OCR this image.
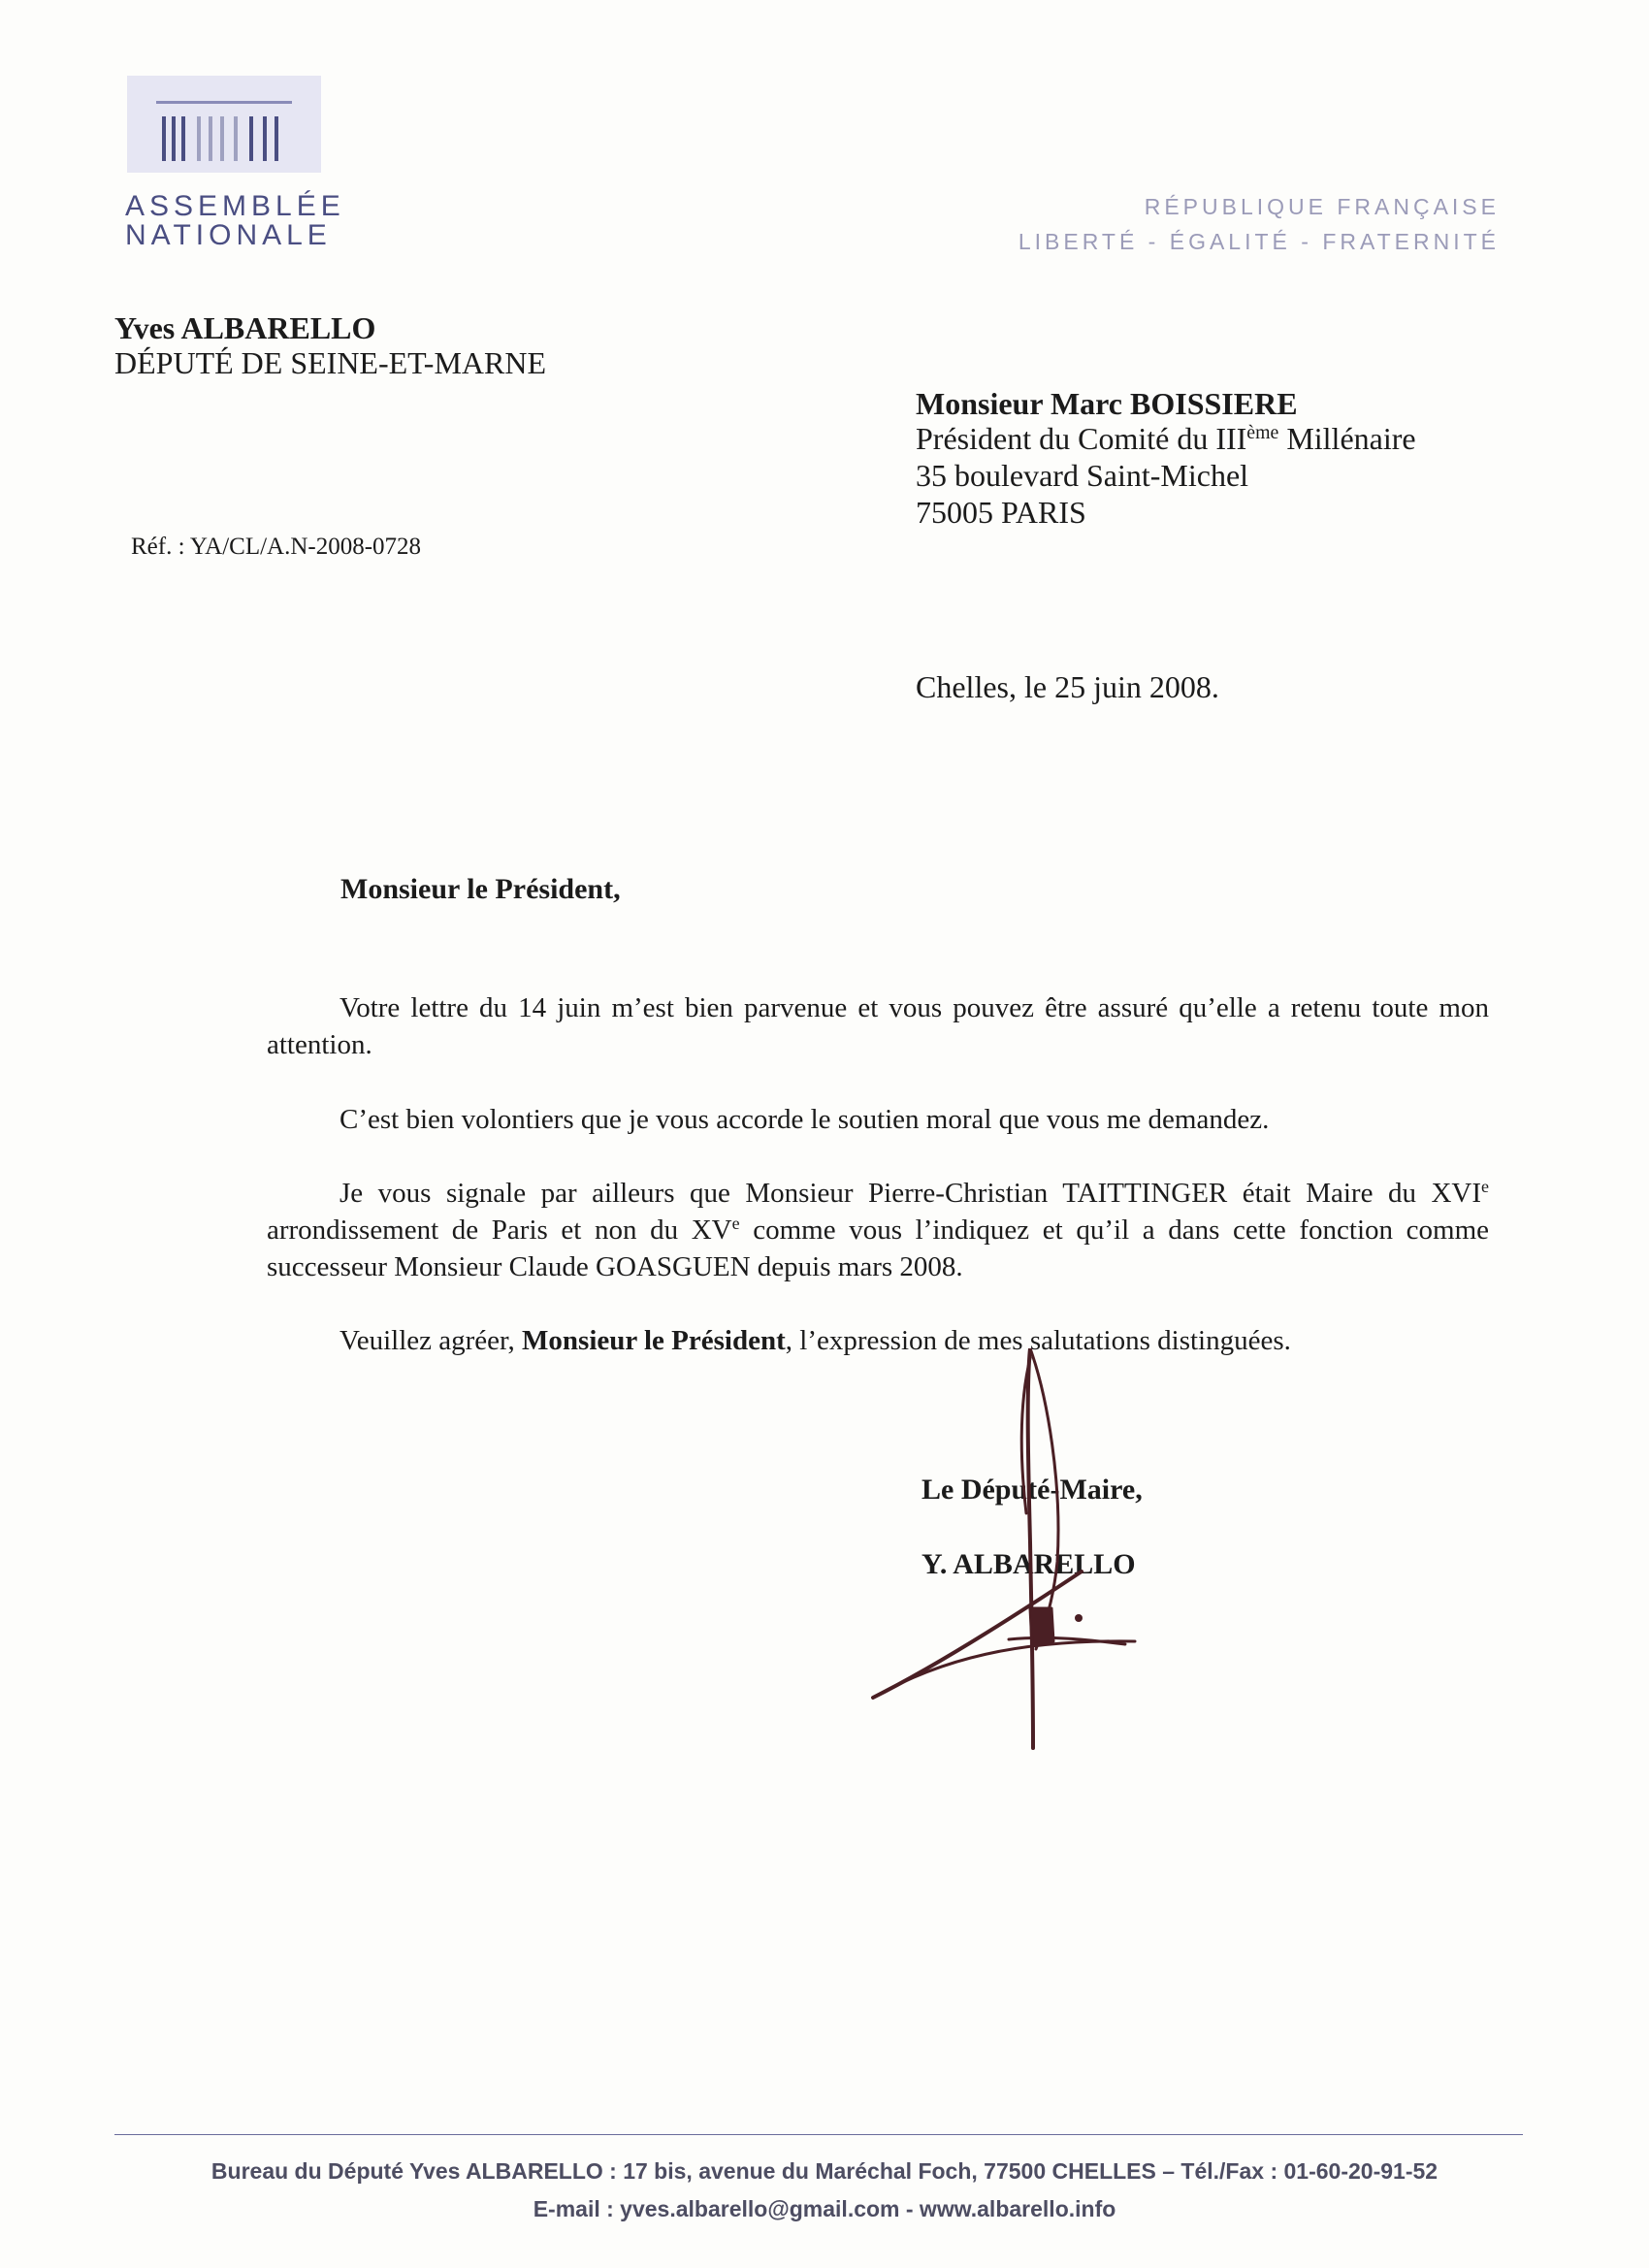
ASSEMBLÉE
NATIONALE
RÉPUBLIQUE FRANÇAISE
LIBERTÉ - ÉGALITÉ - FRATERNITÉ
Yves ALBARELLO
DÉPUTÉ DE SEINE-ET-MARNE
Réf. : YA/CL/A.N-2008-0728
Monsieur Marc BOISSIERE
Président du Comité du IIIème Millénaire
35 boulevard Saint-Michel
75005 PARIS
Chelles, le 25 juin 2008.
Monsieur le Président,
Votre lettre du 14 juin m’est bien parvenue et vous pouvez être assuré qu’elle a retenu toute mon attention.
C’est bien volontiers que je vous accorde le soutien moral que vous me demandez.
Je vous signale par ailleurs que Monsieur Pierre-Christian TAITTINGER était Maire du XVIe arrondissement de Paris et non du XVe comme vous l’indiquez et qu’il a dans cette fonction comme successeur Monsieur Claude GOASGUEN depuis mars 2008.
Veuillez agréer, Monsieur le Président, l’expression de mes salutations distinguées.
Le Député-Maire,
Y. ALBARELLO
Bureau du Député Yves ALBARELLO : 17 bis, avenue du Maréchal Foch, 77500 CHELLES – Tél./Fax : 01-60-20-91-52
E-mail : yves.albarello@gmail.com - www.albarello.info
